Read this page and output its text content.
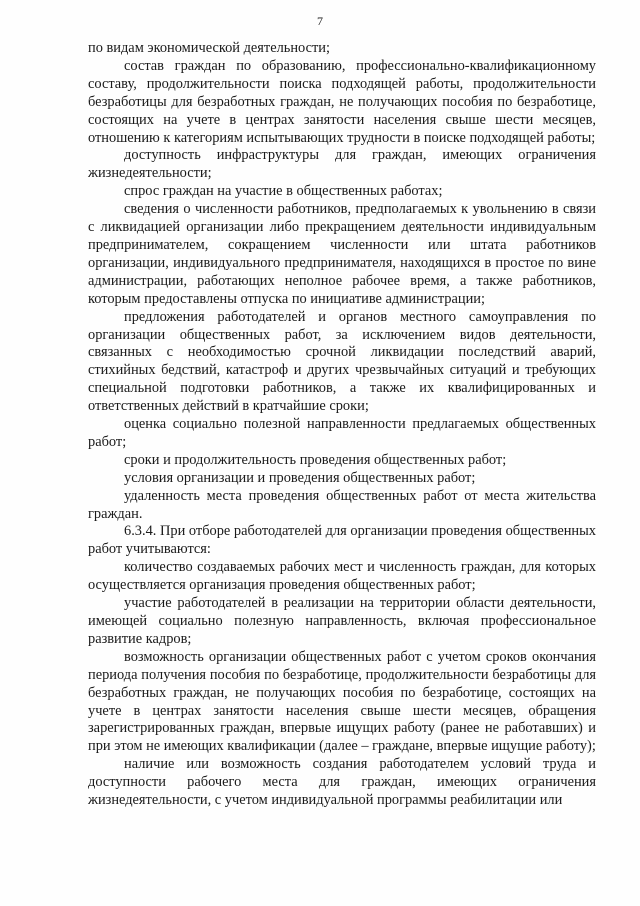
7

по видам экономической деятельности;

состав граждан по образованию, профессионально-квалификационному составу, продолжительности поиска подходящей работы, продолжительности безработицы для безработных граждан, не получающих пособия по безработице, состоящих на учете в центрах занятости населения свыше шести месяцев, отношению к категориям испытывающих трудности в поиске подходящей работы;

доступность инфраструктуры для граждан, имеющих ограничения жизнедеятельности;

спрос граждан на участие в общественных работах;

сведения о численности работников, предполагаемых к увольнению в связи с ликвидацией организации либо прекращением деятельности индивидуальным предпринимателем, сокращением численности или штата работников организации, индивидуального предпринимателя, находящихся в простое по вине администрации, работающих неполное рабочее время, а также работников, которым предоставлены отпуска по инициативе администрации;

предложения работодателей и органов местного самоуправления по организации общественных работ, за исключением видов деятельности, связанных с необходимостью срочной ликвидации последствий аварий, стихийных бедствий, катастроф и других чрезвычайных ситуаций и требующих специальной подготовки работников, а также их квалифицированных и ответственных действий в кратчайшие сроки;

оценка социально полезной направленности предлагаемых общественных работ;

сроки и продолжительность проведения общественных работ;

условия организации и проведения общественных работ;

удаленность места проведения общественных работ от места жительства граждан.

6.3.4. При отборе работодателей для организации проведения общественных работ учитываются:

количество создаваемых рабочих мест и численность граждан, для которых осуществляется организация проведения общественных работ;

участие работодателей в реализации на территории области деятельности, имеющей социально полезную направленность, включая профессиональное развитие кадров;

возможность организации общественных работ с учетом сроков окончания периода получения пособия по безработице, продолжительности безработицы для безработных граждан, не получающих пособия по безработице, состоящих на учете в центрах занятости населения свыше шести месяцев, обращения зарегистрированных граждан, впервые ищущих работу (ранее не работавших) и при этом не имеющих квалификации (далее – граждане, впервые ищущие работу);

наличие или возможность создания работодателем условий труда и доступности рабочего места для граждан, имеющих ограничения жизнедеятельности, с учетом индивидуальной программы реабилитации или
